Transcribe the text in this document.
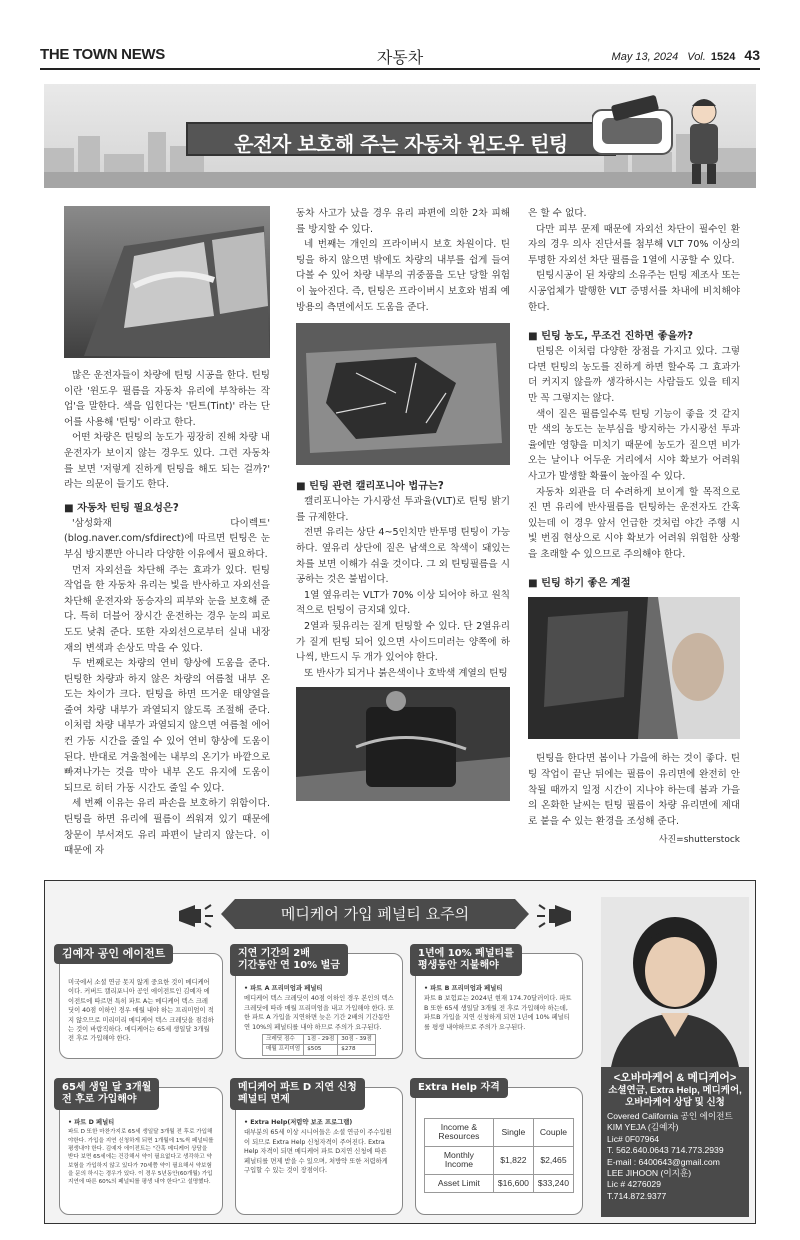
THE TOWN NEWS	자동차	May 13, 2024 Vol. 1524 43
운전자 보호해 주는 자동차 윈도우 틴팅

많은 운전자들이 차량에 틴팅 시공을 한다. 틴팅이란 '윈도우 필름을 자동차 유리에 부착하는 작업'을 말한다. 색을 입힌다는 '틴트(Tint)' 라는 단어를 사용해 '틴팅' 이라고 한다.

어떤 차량은 틴팅의 농도가 굉장히 진해 차량 내 운전자가 보이지 않는 경우도 있다. 그런 자동차를 보면 '저렇게 진하게 틴팅을 해도 되는 걸까?' 라는 의문이 들기도 한다.

■ 자동차 틴팅 필요성은?

'삼성화재 다이렉트' (blog.naver.com/sfdirect)에 따르면 틴팅은 눈부심 방지뿐만 아니라 다양한 이유에서 필요하다.

먼저 자외선을 차단해 주는 효과가 있다. 틴팅 작업을 한 자동차 유리는 빛을 반사하고 자외선을 차단해 운전자와 동승자의 피부와 눈을 보호해 준다. 특히 더블어 장시간 운전하는 경우 눈의 피로도도 낮춰 준다. 또한 자외선으로부터 실내 내장재의 변색과 손상도 막을 수 있다.

두 번째로는 차량의 연비 향상에 도움을 준다. 틴팅한 차량과 하지 않은 차량의 여름철 내부 온도는 차이가 크다. 틴팅을 하면 뜨거운 태양열을 줄여 차량 내부가 과열되지 않도록 조절해 준다. 이처럼 차량 내부가 과열되지 않으면 여름철 에어컨 가동 시간을 줄일 수 있어 연비 향상에 도움이 된다. 반대로 겨울철에는 내부의 온기가 바깥으로 빠져나가는 것을 막아 내부 온도 유지에 도움이 되므로 히터 가동 시간도 줄일 수 있다.

세 번째 이유는 유리 파손을 보호하기 위함이다. 틴팅을 하면 유리에 필름이 씌워져 있기 때문에 창문이 부서져도 유리 파편이 날리지 않는다. 이 때문에 자

동차 사고가 났을 경우 유리 파편에 의한 2차 피해를 방지할 수 있다.

네 번째는 개인의 프라이버시 보호 차원이다. 틴팅을 하지 않으면 밖에도 차량의 내부를 쉽게 들여다볼 수 있어 차량 내부의 귀중품을 도난 당할 위험이 높아진다. 즉, 틴팅은 프라이버시 보호와 범죄 예방용의 측면에서도 도움을 준다.

■ 틴팅 관련 캘리포니아 법규는?

캘리포니아는 가시광선 투과율(VLT)로 틴팅 밝기를 규제한다.

전면 유리는 상단 4~5인치만 반투명 틴팅이 가능하다. 옆유리 상단에 짙은 남색으로 착색이 돼있는 차를 보면 이해가 쉬울 것이다. 그 외 틴팅필름을 시공하는 것은 불법이다.

1열 옆유리는 VLT가 70% 이상 되어야 하고 원칙적으로 틴팅이 금지돼 있다.

2열과 뒷유리는 짙게 틴팅할 수 있다. 단 2열유리가 짙게 틴팅 되어 있으면 사이드미러는 양쪽에 하나씩, 반드시 두 개가 있어야 한다.

또 반사가 되거나 붉은색이나 호박색 계열의 틴팅

은 할 수 없다.

다만 피부 문제 때문에 자외선 차단이 필수인 환자의 경우 의사 진단서를 첨부해 VLT 70% 이상의 투명한 자외선 차단 필름을 1열에 시공할 수 있다.

틴팅시공이 된 차량의 소유주는 틴팅 제조사 또는 시공업체가 발행한 VLT 증명서를 차내에 비치해야 한다.

■ 틴팅 농도, 무조건 진하면 좋을까?

틴팅은 이처럼 다양한 장점을 가지고 있다. 그렇다면 틴팅의 농도를 진하게 하면 할수록 그 효과가 더 커지지 않을까 생각하시는 사람들도 있을 테지만 꼭 그렇지는 않다.

색이 짙은 필름일수록 틴팅 기능이 좋을 것 같지만 색의 농도는 눈부심을 방지하는 가시광선 투과율에만 영향을 미치기 때문에 농도가 짙으면 비가 오는 날이나 어두운 거리에서 시야 확보가 어려워 사고가 발생할 확률이 높아질 수 있다.

자동차 외관을 더 수려하게 보이게 할 목적으로 진 면 유리에 반사필름을 틴팅하는 운전자도 간혹 있는데 이 경우 앞서 언급한 것처럼 야간 주행 시 빛 번짐 현상으로 시야 확보가 어려워 위험한 상황을 초래할 수 있으므로 주의해야 한다.

■ 틴팅 하기 좋은 계절

틴팅을 한다면 봄이나 가을에 하는 것이 좋다. 틴팅 작업이 끝난 뒤에는 필름이 유리면에 완전히 안착될 때까지 일정 시간이 지나야 하는데 봄과 가을의 온화한 날씨는 틴팅 필름이 차량 유리면에 제대로 붙을 수 있는 환경을 조성해 준다.

사진=shutterstock
메디케어 가입 페널티 요주의
김예자 공인 에이전트
미국에서 소셜 연금 못지 않게 중요한 것이 메디케어이다. 커버드 캘리포니아 공인 에이전트인 김예자 에이전트에 따르면 특히 파트 A는 메디케어 텍스 크레딧이 40점 이하인 경우 매월 내야 하는 프리미엄이 적지 않으므로 미리미리 메디케어 텍스 크레딧을 점검하는 것이 바람직하다. 메디케어는 65세 생일달 3개월 전 후로 가입해야 한다.
지연 기간의 2배
기간동안 연 10% 벌금
• 파트 A 프리미엄과 페널티
메디케어 텍스 크레딧이 40점 이하인 경우 본인의 텍스 크레딧에 따라 매월 프리미엄을 내고 가입해야 한다. 또한 파트 A 가입을 지연하면 늦은 기간 2배의 기간동안 연 10%의 페널티를 내야 하므로 주의가 요구된다.
크레딧 점수	1점 - 29점	30점 - 39점
매월 프리미엄	$505	$278
1년에 10% 페널티를
평생동안 지불해야
• 파트 B 프리미엄과 페널티
파트 B 보험료는 2024년 현재 174.70달러이다. 파트 B 또한 65세 생일달 3개월 전 후로 가입해야 하는데, 파트B 가입을 지연 신청하게 되면 1년에 10% 페널티를 평생 내야하므로 주의가 요구된다.
65세 생일 달 3개월
전 후로 가입해야
• 파트 D 페널티
파트 D 또한 마찬가지로 65세 생일달 3개월 전 후로 가입해야한다. 가입을 지연 신청하게 되면 1개월에 1%씩 페널티를 평생내야 한다. 김예자 에이전트는 "간혹 메디케어 상담을 받다 보면 65세에는 건강해서 약이 필요없다고 생각하고 약보험을 가입하지 않고 있다가 70세쯤 약이 필요해서 약보험을 문의 하시는 경우가 있다. 이 경우 5년동안(60개월) 가입지연에 따른 60%의 페널티를 평생 내야 한다"고 설명했다.
메디케어 파트 D 지연 신청
페널티 면제
• Extra Help(저렴약 보조 프로그램)
대부분의 65세 이상 시니어들은 소셜 연금이 주수입원이 되므로 Extra Help 신청자격이 주어진다. Extra Help 자격이 되면 메디케어 파트 D지연 신청에 따른 페널티를 면제 받을 수 있으며, 처방약 또한 저렴하게 구입할 수 있는 것이 장점이다.
Extra Help 자격
Income & Resources	Single	Couple
Monthly Income	$1,822	$2,465
Asset Limit	$16,600	$33,240
<오바마케어 & 메디케어>
소셜연금, Extra Help, 메디케어, 오바마케어 상담 및 신청
Covered California 공인 에이전트
KIM YEJA (김예자)
Lic# 0F07964
T. 562.640.0643 714.773.2939
E-mail : 6400643@gmail.com
LEE JIHOON (이지훈)
Lic # 4276029
T.714.872.9377
